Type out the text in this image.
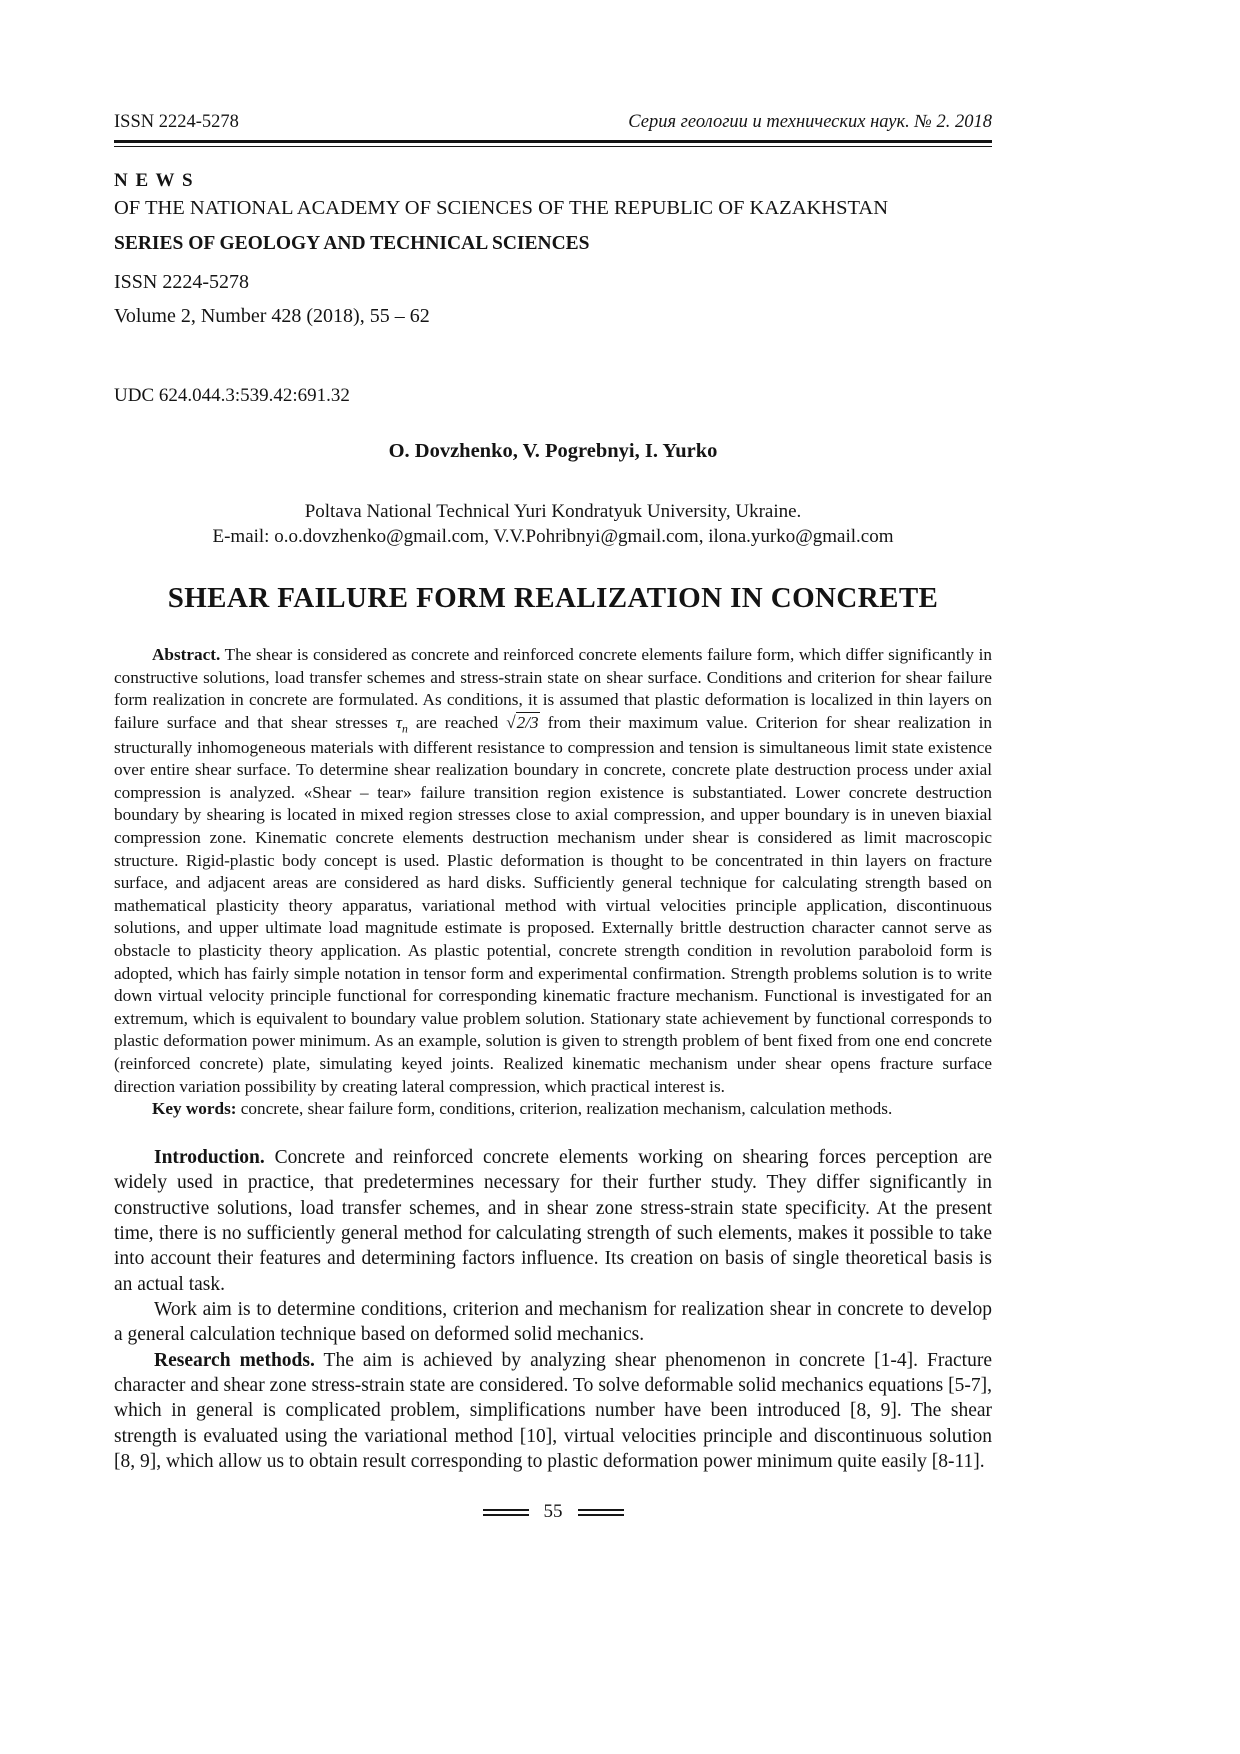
ISSN 2224-5278	Серия геологии и технических наук. № 2. 2018
N E W S
OF THE NATIONAL ACADEMY OF SCIENCES OF THE REPUBLIC OF KAZAKHSTAN
SERIES OF GEOLOGY AND TECHNICAL SCIENCES
ISSN 2224-5278
Volume 2, Number 428 (2018), 55 – 62
UDC 624.044.3:539.42:691.32
O. Dovzhenko, V. Pogrebnyi, I. Yurko
Poltava National Technical Yuri Kondratyuk University, Ukraine.
E-mail: o.o.dovzhenko@gmail.com, V.V.Pohribnyi@gmail.com, ilona.yurko@gmail.com
SHEAR FAILURE FORM REALIZATION IN CONCRETE

Abstract. The shear is considered as concrete and reinforced concrete elements failure form, which differ significantly in constructive solutions, load transfer schemes and stress-strain state on shear surface. Conditions and criterion for shear failure form realization in concrete are formulated. As conditions, it is assumed that plastic deformation is localized in thin layers on failure surface and that shear stresses $\tau_n$ are reached √2/3 from their maximum value. Criterion for shear realization in structurally inhomogeneous materials with different resistance to compression and tension is simultaneous limit state existence over entire shear surface. To determine shear realization boundary in concrete, concrete plate destruction process under axial compression is analyzed. «Shear – tear» failure transition region existence is substantiated. Lower concrete destruction boundary by shearing is located in mixed region stresses close to axial compression, and upper boundary is in uneven biaxial compression zone. Kinematic concrete elements destruction mechanism under shear is considered as limit macroscopic structure. Rigid-plastic body concept is used. Plastic deformation is thought to be concentrated in thin layers on fracture surface, and adjacent areas are considered as hard disks. Sufficiently general technique for calculating strength based on mathematical plasticity theory apparatus, variational method with virtual velocities principle application, discontinuous solutions, and upper ultimate load magnitude estimate is proposed. Externally brittle destruction character cannot serve as obstacle to plasticity theory application. As plastic potential, concrete strength condition in revolution paraboloid form is adopted, which has fairly simple notation in tensor form and experimental confirmation. Strength problems solution is to write down virtual velocity principle functional for corresponding kinematic fracture mechanism. Functional is investigated for an extremum, which is equivalent to boundary value problem solution. Stationary state achievement by functional corresponds to plastic deformation power minimum. As an example, solution is given to strength problem of bent fixed from one end concrete (reinforced concrete) plate, simulating keyed joints. Realized kinematic mechanism under shear opens fracture surface direction variation possibility by creating lateral compression, which practical interest is.

Key words: concrete, shear failure form, conditions, criterion, realization mechanism, calculation methods.

Introduction. Concrete and reinforced concrete elements working on shearing forces perception are widely used in practice, that predetermines necessary for their further study. They differ significantly in constructive solutions, load transfer schemes, and in shear zone stress-strain state specificity. At the present time, there is no sufficiently general method for calculating strength of such elements, makes it possible to take into account their features and determining factors influence. Its creation on basis of single theoretical basis is an actual task.

Work aim is to determine conditions, criterion and mechanism for realization shear in concrete to develop a general calculation technique based on deformed solid mechanics.

Research methods. The aim is achieved by analyzing shear phenomenon in concrete [1-4]. Fracture character and shear zone stress-strain state are considered. To solve deformable solid mechanics equations [5-7], which in general is complicated problem, simplifications number have been introduced [8, 9]. The shear strength is evaluated using the variational method [10], virtual velocities principle and discontinuous solution [8, 9], which allow us to obtain result corresponding to plastic deformation power minimum quite easily [8-11].

55
